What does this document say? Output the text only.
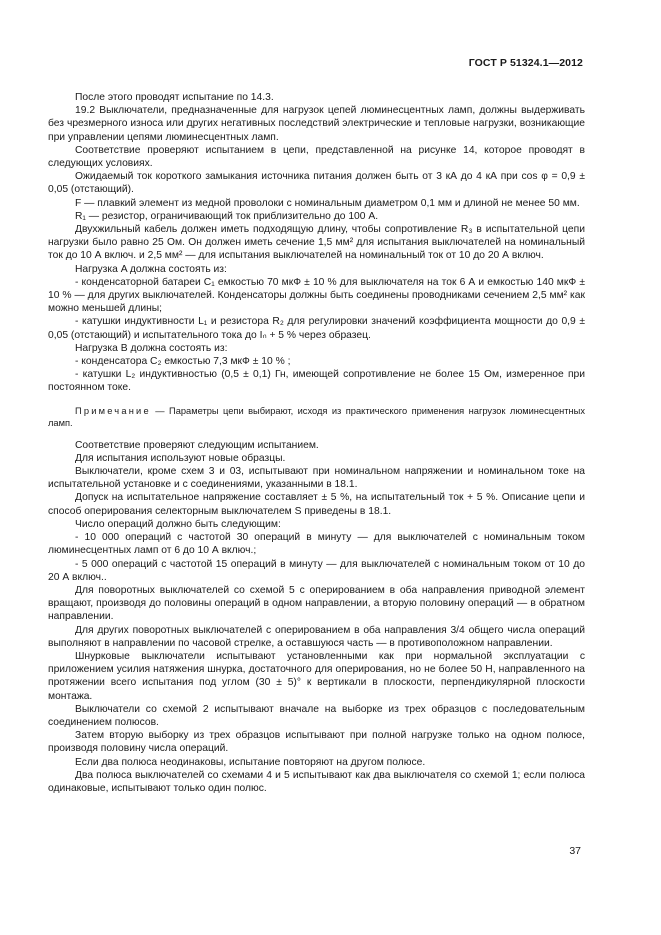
ГОСТ Р 51324.1—2012

После этого проводят испытание по 14.3.

19.2 Выключатели, предназначенные для нагрузок цепей люминесцентных ламп, должны выдерживать без чрезмерного износа или других негативных последствий электрические и тепловые нагрузки, возникающие при управлении цепями люминесцентных ламп.

Соответствие проверяют испытанием в цепи, представленной на рисунке 14, которое проводят в следующих условиях.

Ожидаемый ток короткого замыкания источника питания должен быть от 3 кА до 4 кА при cos φ = 0,9 ± 0,05 (отстающий).

F — плавкий элемент из медной проволоки с номинальным диаметром 0,1 мм и длиной не менее 50 мм.

R₁ — резистор, ограничивающий ток приблизительно до 100 А.

Двухжильный кабель должен иметь подходящую длину, чтобы сопротивление R₃ в испытательной цепи нагрузки было равно 25 Ом. Он должен иметь сечение 1,5 мм² для испытания выключателей на номинальный ток до 10 А включ. и 2,5 мм² — для испытания выключателей на номинальный ток от 10 до 20 А включ.

Нагрузка A должна состоять из:

- конденсаторной батареи C₁ емкостью 70 мкФ ± 10 % для выключателя на ток 6 А и емкостью 140 мкФ ± 10 % — для других выключателей. Конденсаторы должны быть соединены проводниками сечением 2,5 мм² как можно меньшей длины;

- катушки индуктивности L₁ и резистора R₂ для регулировки значений коэффициента мощности до 0,9 ± 0,05 (отстающий) и испытательного тока до Iₙ + 5 % через образец.

Нагрузка B должна состоять из:

- конденсатора C₂ емкостью 7,3 мкФ ± 10 % ;

- катушки L₂ индуктивностью (0,5 ± 0,1) Гн, имеющей сопротивление не более 15 Ом, измеренное при постоянном токе.

Примечание — Параметры цепи выбирают, исходя из практического применения нагрузок люминесцентных ламп.

Соответствие проверяют следующим испытанием.

Для испытания используют новые образцы.

Выключатели, кроме схем 3 и 03, испытывают при номинальном напряжении и номинальном токе на испытательной установке и с соединениями, указанными в 18.1.

Допуск на испытательное напряжение составляет ± 5 %, на испытательный ток + 5 %. Описание цепи и способ оперирования селекторным выключателем S приведены в 18.1.

Число операций должно быть следующим:

- 10 000 операций с частотой 30 операций в минуту — для выключателей с номинальным током люминесцентных ламп от 6 до 10 А включ.;

- 5 000 операций с частотой 15 операций в минуту — для выключателей с номинальным током от 10 до 20 А включ..

Для поворотных выключателей со схемой 5 с оперированием в оба направления приводной элемент вращают, производя до половины операций в одном направлении, а вторую половину операций — в обратном направлении.

Для других поворотных выключателей с оперированием в оба направления 3/4 общего числа операций выполняют в направлении по часовой стрелке, а оставшуюся часть — в противоположном направлении.

Шнурковые выключатели испытывают установленными как при нормальной эксплуатации с приложением усилия натяжения шнурка, достаточного для оперирования, но не более 50 Н, направленного на протяжении всего испытания под углом (30 ± 5)° к вертикали в плоскости, перпендикулярной плоскости монтажа.

Выключатели со схемой 2 испытывают вначале на выборке из трех образцов с последовательным соединением полюсов.

Затем вторую выборку из трех образцов испытывают при полной нагрузке только на одном полюсе, производя половину числа операций.

Если два полюса неодинаковы, испытание повторяют на другом полюсе.

Два полюса выключателей со схемами 4 и 5 испытывают как два выключателя со схемой 1; если полюса одинаковые, испытывают только один полюс.

37
